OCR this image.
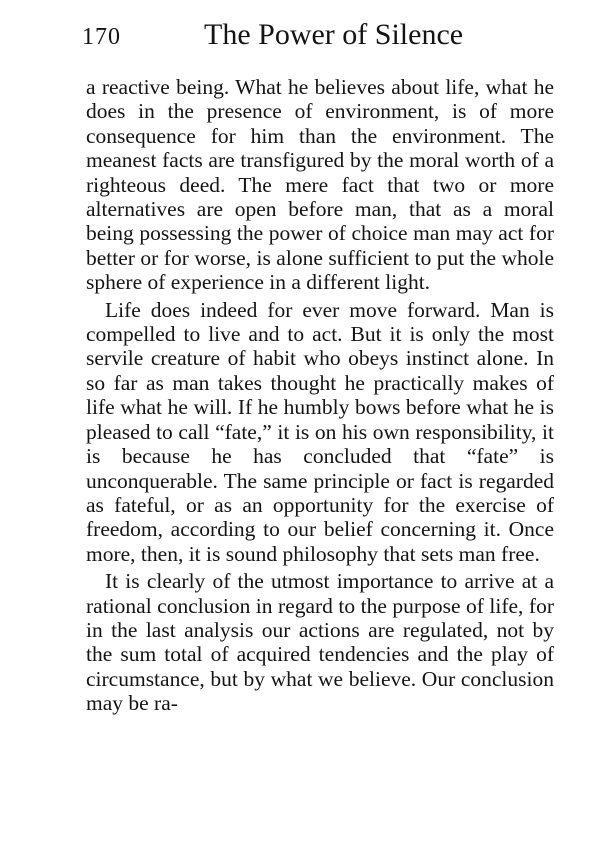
170	The Power of Silence

a reactive being. What he believes about life, what he does in the presence of environment, is of more consequence for him than the environment. The meanest facts are transfigured by the moral worth of a righteous deed. The mere fact that two or more alternatives are open before man, that as a moral being possessing the power of choice man may act for better or for worse, is alone sufficient to put the whole sphere of experience in a different light.

Life does indeed for ever move forward. Man is compelled to live and to act. But it is only the most servile creature of habit who obeys instinct alone. In so far as man takes thought he practically makes of life what he will. If he humbly bows before what he is pleased to call “fate,” it is on his own responsibility, it is because he has concluded that “fate” is unconquerable. The same principle or fact is regarded as fateful, or as an opportunity for the exercise of freedom, according to our belief concerning it. Once more, then, it is sound philosophy that sets man free.

It is clearly of the utmost importance to arrive at a rational conclusion in regard to the purpose of life, for in the last analysis our actions are regulated, not by the sum total of acquired tendencies and the play of circumstance, but by what we believe. Our conclusion may be ra-
